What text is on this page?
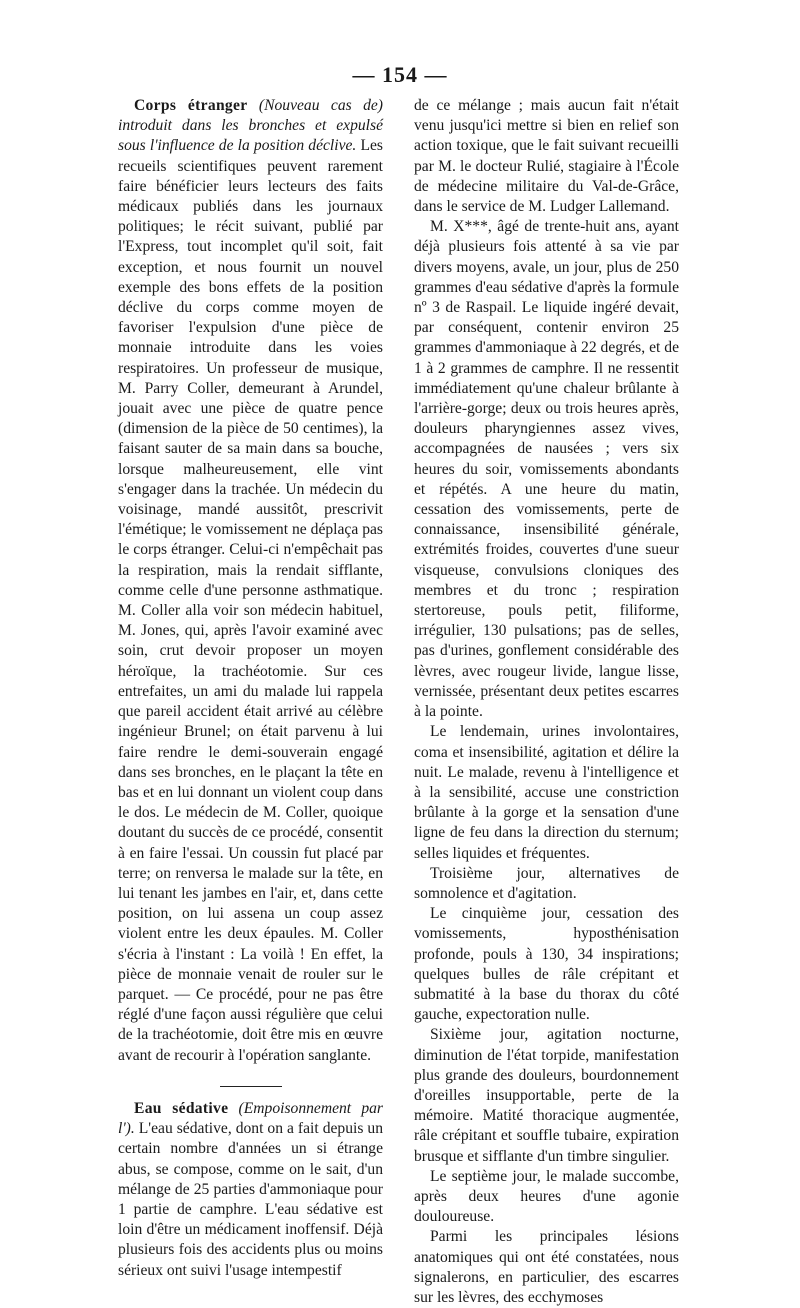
— 154 —

Corps étranger (Nouveau cas de) introduit dans les bronches et expulsé sous l'influence de la position déclive. Les recueils scientifiques peuvent rarement faire bénéficier leurs lecteurs des faits médicaux publiés dans les journaux politiques; le récit suivant, publié par l'Express, tout incomplet qu'il soit, fait exception, et nous fournit un nouvel exemple des bons effets de la position déclive du corps comme moyen de favoriser l'expulsion d'une pièce de monnaie introduite dans les voies respiratoires. Un professeur de musique, M. Parry Coller, demeurant à Arundel, jouait avec une pièce de quatre pence (dimension de la pièce de 50 centimes), la faisant sauter de sa main dans sa bouche, lorsque malheureusement, elle vint s'engager dans la trachée. Un médecin du voisinage, mandé aussitôt, prescrivit l'émétique; le vomissement ne déplaça pas le corps étranger. Celui-ci n'empêchait pas la respiration, mais la rendait sifflante, comme celle d'une personne asthmatique. M. Coller alla voir son médecin habituel, M. Jones, qui, après l'avoir examiné avec soin, crut devoir proposer un moyen héroïque, la trachéotomie. Sur ces entrefaites, un ami du malade lui rappela que pareil accident était arrivé au célèbre ingénieur Brunel; on était parvenu à lui faire rendre le demi-souverain engagé dans ses bronches, en le plaçant la tête en bas et en lui donnant un violent coup dans le dos. Le médecin de M. Coller, quoique doutant du succès de ce procédé, consentit à en faire l'essai. Un coussin fut placé par terre; on renversa le malade sur la tête, en lui tenant les jambes en l'air, et, dans cette position, on lui assena un coup assez violent entre les deux épaules. M. Coller s'écria à l'instant : La voilà ! En effet, la pièce de monnaie venait de rouler sur le parquet. — Ce procédé, pour ne pas être réglé d'une façon aussi régulière que celui de la trachéotomie, doit être mis en œuvre avant de recourir à l'opération sanglante.

Eau sédative (Empoisonnement par l'). L'eau sédative, dont on a fait depuis un certain nombre d'années un si étrange abus, se compose, comme on le sait, d'un mélange de 25 parties d'ammoniaque pour 1 partie de camphre. L'eau sédative est loin d'être un médicament inoffensif. Déjà plusieurs fois des accidents plus ou moins sérieux ont suivi l'usage intempestif

de ce mélange ; mais aucun fait n'était venu jusqu'ici mettre si bien en relief son action toxique, que le fait suivant recueilli par M. le docteur Rulié, stagiaire à l'École de médecine militaire du Val-de-Grâce, dans le service de M. Ludger Lallemand.

M. X***, âgé de trente-huit ans, ayant déjà plusieurs fois attenté à sa vie par divers moyens, avale, un jour, plus de 250 grammes d'eau sédative d'après la formule nº 3 de Raspail. Le liquide ingéré devait, par conséquent, contenir environ 25 grammes d'ammoniaque à 22 degrés, et de 1 à 2 grammes de camphre. Il ne ressentit immédiatement qu'une chaleur brûlante à l'arrière-gorge; deux ou trois heures après, douleurs pharyngiennes assez vives, accompagnées de nausées ; vers six heures du soir, vomissements abondants et répétés. A une heure du matin, cessation des vomissements, perte de connaissance, insensibilité générale, extrémités froides, couvertes d'une sueur visqueuse, convulsions cloniques des membres et du tronc ; respiration stertoreuse, pouls petit, filiforme, irrégulier, 130 pulsations; pas de selles, pas d'urines, gonflement considérable des lèvres, avec rougeur livide, langue lisse, vernissée, présentant deux petites escarres à la pointe.

Le lendemain, urines involontaires, coma et insensibilité, agitation et délire la nuit. Le malade, revenu à l'intelligence et à la sensibilité, accuse une constriction brûlante à la gorge et la sensation d'une ligne de feu dans la direction du sternum; selles liquides et fréquentes.

Troisième jour, alternatives de somnolence et d'agitation.

Le cinquième jour, cessation des vomissements, hyposthénisation profonde, pouls à 130, 34 inspirations; quelques bulles de râle crépitant et submatité à la base du thorax du côté gauche, expectoration nulle.

Sixième jour, agitation nocturne, diminution de l'état torpide, manifestation plus grande des douleurs, bourdonnement d'oreilles insupportable, perte de la mémoire. Matité thoracique augmentée, râle crépitant et souffle tubaire, expiration brusque et sifflante d'un timbre singulier.

Le septième jour, le malade succombe, après deux heures d'une agonie douloureuse.

Parmi les principales lésions anatomiques qui ont été constatées, nous signalerons, en particulier, des escarres sur les lèvres, des ecchymoses
